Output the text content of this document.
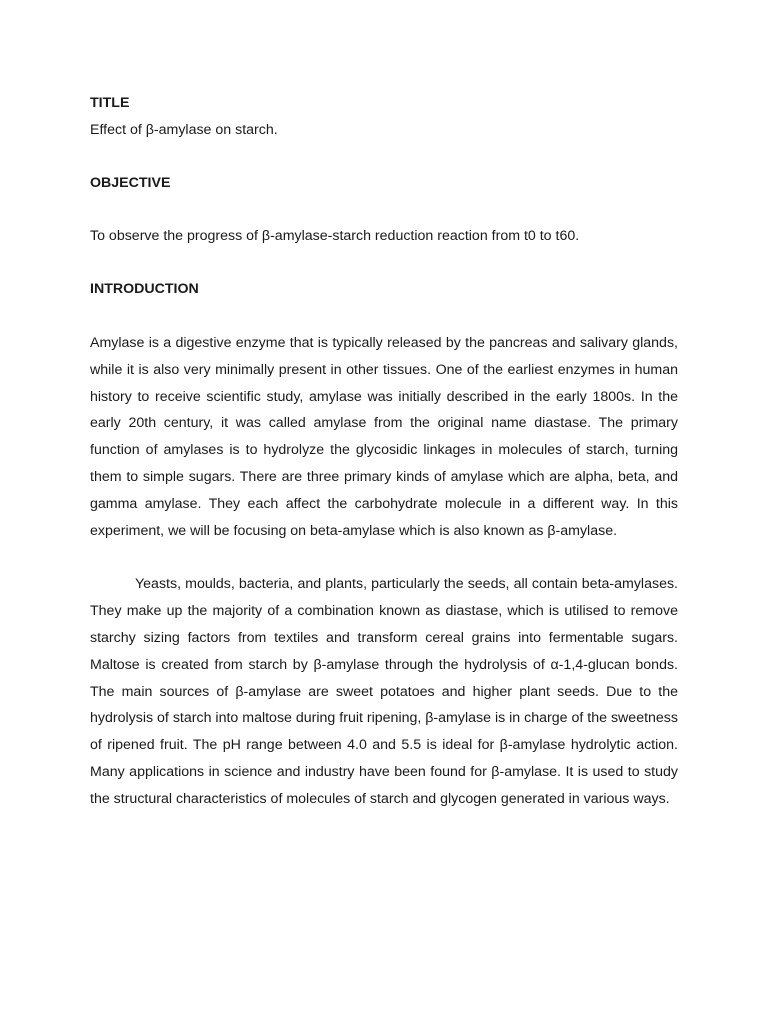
TITLE

Effect of β-amylase on starch.

OBJECTIVE

To observe the progress of β-amylase-starch reduction reaction from t0 to t60.

INTRODUCTION

Amylase is a digestive enzyme that is typically released by the pancreas and salivary glands, while it is also very minimally present in other tissues. One of the earliest enzymes in human history to receive scientific study, amylase was initially described in the early 1800s. In the early 20th century, it was called amylase from the original name diastase. The primary function of amylases is to hydrolyze the glycosidic linkages in molecules of starch, turning them to simple sugars. There are three primary kinds of amylase which are alpha, beta, and gamma amylase. They each affect the carbohydrate molecule in a different way. In this experiment, we will be focusing on beta-amylase which is also known as β-amylase.

Yeasts, moulds, bacteria, and plants, particularly the seeds, all contain beta-amylases. They make up the majority of a combination known as diastase, which is utilised to remove starchy sizing factors from textiles and transform cereal grains into fermentable sugars. Maltose is created from starch by β-amylase through the hydrolysis of α-1,4-glucan bonds. The main sources of β-amylase are sweet potatoes and higher plant seeds. Due to the hydrolysis of starch into maltose during fruit ripening, β-amylase is in charge of the sweetness of ripened fruit. The pH range between 4.0 and 5.5 is ideal for β-amylase hydrolytic action. Many applications in science and industry have been found for β-amylase. It is used to study the structural characteristics of molecules of starch and glycogen generated in various ways.
